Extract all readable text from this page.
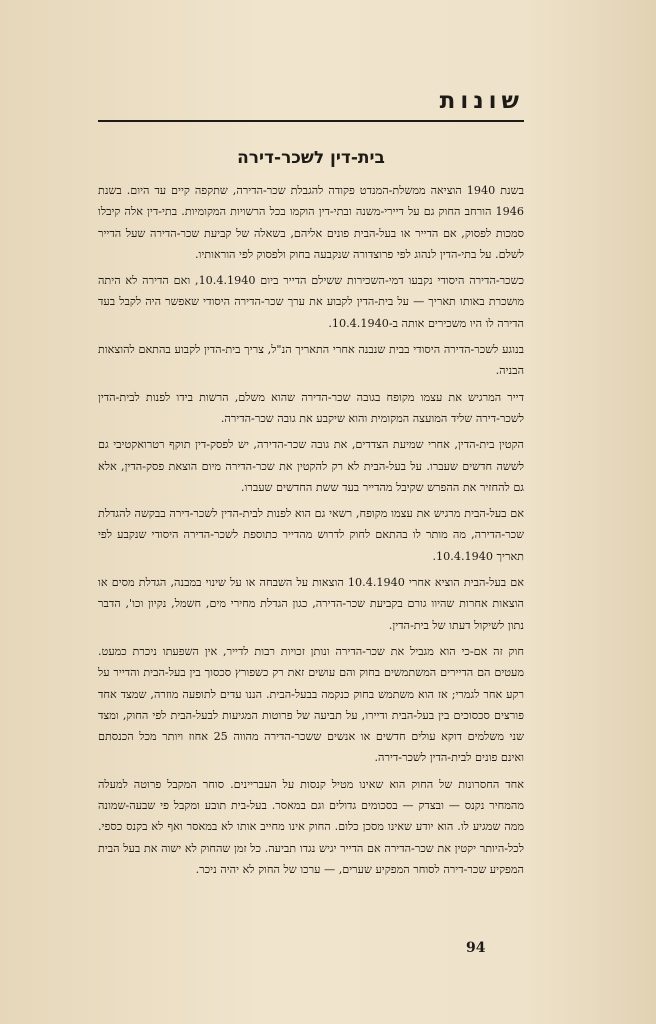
שונות
בית-דין לשכר-דירה

בשנת 1940 הוציאה ממשלת-המנדט פקודה להגבלת שכר-הדירה, שתקפה קיים עד היום. בשנת 1946 הורחב החוק גם על דיירי-משנה ובתי-דין הוקמו בכל הרשויות המקומיות. בתי-דין אלה קיבלו סמכות לפסוק, אם הדייר או בעל-הבית פונים אליהם, בשאלה של קביעת שכר-הדירה שעל הדייר לשלם. על בתי-הדין לנהוג לפי פרוצדורה שנקבעה בחוק ולפסוק לפי הוראותיו.

כשכר-הדירה היסודי נקבעו דמי-השכירות ששילם הדייר ביום 10.4.1940, ואם הדירה לא היתה מושכרת באותו תאריך — על בית-הדין לקבוע את ערך שכר-הדירה היסודי שאפשר היה לקבל בעד הדירה לו היו משכירים אותה ב-10.4.1940.

בנוגע לשכר-הדירה היסודי בבית שנבנה אחרי התאריך הנ"ל, צריך בית-הדין לקבוע בהתאם להוצאות הבניה.

דייר המרגיש את עצמו מקופח בגובה שכר-הדירה שהוא משלם, הרשות בידו לפנות לבית-הדין לשכר-דירה שליד המועצה המקומית והוא שיקבע את גובה שכר-הדירה.

הקטין בית-הדין, אחרי שמיעת הצדדים, את גובה שכר-הדירה, יש לפסק-דין תוקף רטרואקטיבי גם לששה חדשים שעברו. על בעל-הבית לא רק להקטין את שכר-הדירה מיום הוצאת פסק-הדין, אלא גם להחזיר את ההפרש שקיבל מהדייר בעד ששת החדשים שעברו.

אם בעל-הבית מרגיש את עצמו מקופח, רשאי גם הוא לפנות לבית-הדין לשכר-דירה בבקשה להגדלת שכר-הדירה, מה מותר לו בהתאם לחוק לדרוש מהדייר כתוספת לשכר-הדירה היסודי שנקבע לפי תאריך 10.4.1940.

אם בעל-הבית הוציא אחרי 10.4.1940 הוצאות על השבחה או על שינוי במבנה, הגדלת מסים או הוצאות אחרות שהיוו גורם בקביעת שכר-הדירה, כגון הגדלת מחירי מים, חשמל, נקיון וכו', הדבר נתון לשיקול דעתו של בית-הדין.

חוק זה אם-כי הוא מגביל את שכר-הדירה ונותן זכויות רבות לדייר, אין השפעתו ניכרת כמעט. מעטים הם הדיירים המשתמשים בחוק והם עושים זאת רק כשפורץ סכסוך בין בעל-הבית והדייר על רקע אחר לגמרי; אז הוא משתמש בחוק כנקמה בבעל-הבית. הננו עדים לתופעה מוזרה, שמצד אחד פורצים סכסוכים בין בעל-הבית ודיירו, על תביעה של פרוטות המגיעות לבעל-הבית לפי החוק, ומצד שני משלמים דוקא עולים חדשים או אנשים ששכר-הדירה מהווה 25 אחוז ויותר מכל הכנסתם ואינם פונים לבית-הדין לשכר-דירה.

אחד החסרונות של החוק הוא שאינו מטיל קנסות על העבריינים. סוחר המקבל פרוטה למעלה מהמחיר נקנס — ובצדק — בסכומים גדולים וגם במאסר. בעל-בית תובע ומקבל פי שבעה-שמונה ממה שמגיע לו. הוא יודע שאינו מסכן כלום. החוק אינו מחייב אותו לא במאסר ואף לא בקנס כספי. לכל-היותר יקטין את שכר-הדירה אם הדייר יגיש נגדו תביעה. כל זמן שהחוק לא ישוה את בעל הבית המפקיע שכר-דירה לסוחר המפקיע שערים, — ערכו של החוק לא יהיה ניכר.

94
